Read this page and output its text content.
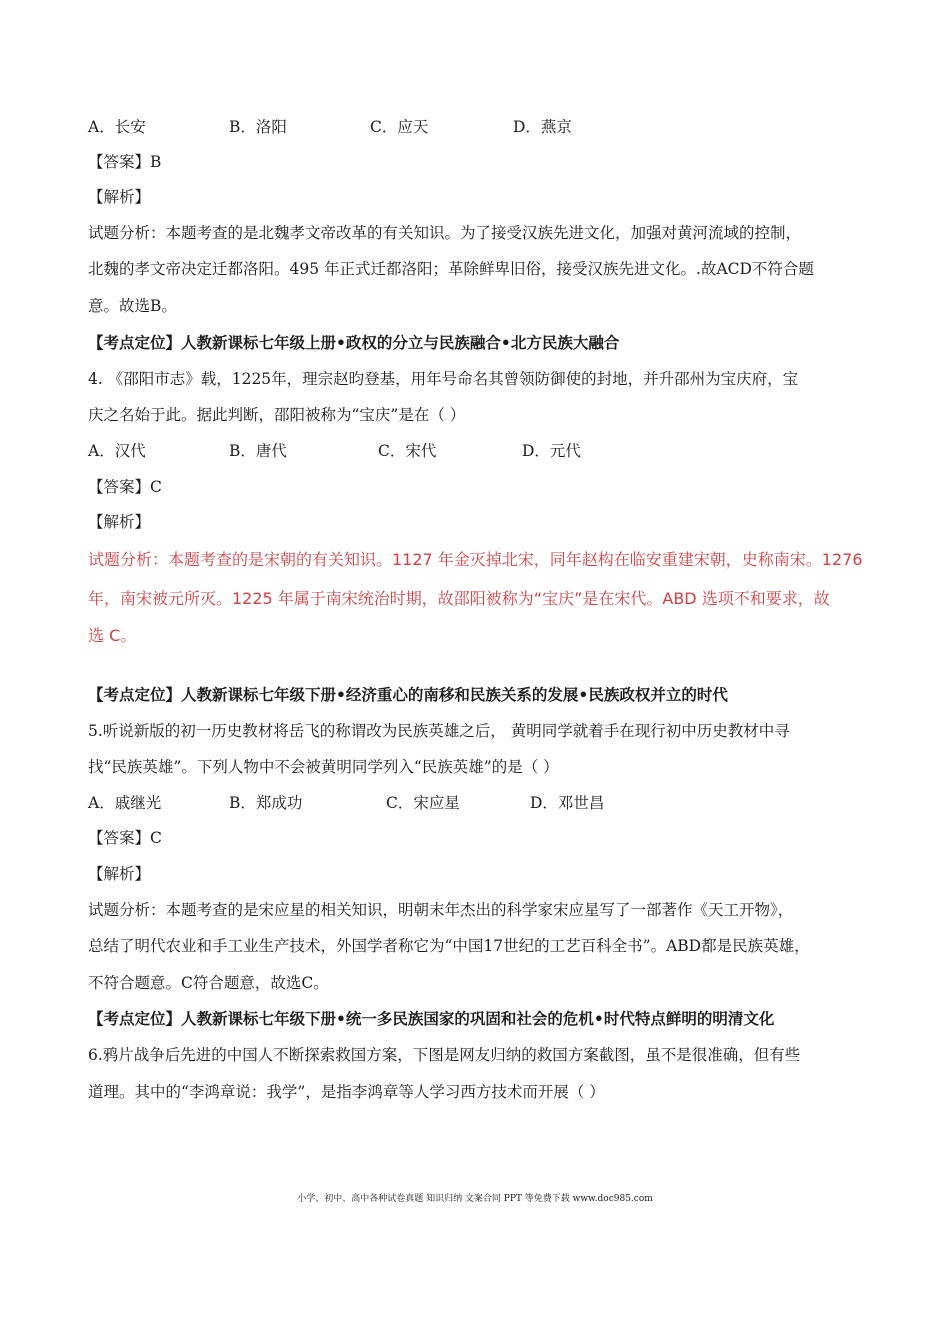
A．长安	B．洛阳	C．应天	D．燕京
【答案】B
【解析】
试题分析：本题考查的是北魏孝文帝改革的有关知识。为了接受汉族先进文化，加强对黄河流域的控制，
北魏的孝文帝决定迁都洛阳。495 年正式迁都洛阳；革除鲜卑旧俗，接受汉族先进文化。.故ACD不符合题
意。故选B。
【考点定位】人教新课标七年级上册•政权的分立与民族融合•北方民族大融合
4. 《邵阳市志》载，1225年，理宗赵昀登基，用年号命名其曾领防御使的封地，并升邵州为宝庆府，宝
庆之名始于此。据此判断，邵阳被称为“宝庆”是在（ ）
A．汉代	B．唐代	C．宋代	D．元代
【答案】C
【解析】
试题分析：本题考查的是宋朝的有关知识。1127 年金灭掉北宋，同年赵构在临安重建宋朝，史称南宋。1276
年，南宋被元所灭。1225 年属于南宋统治时期，故邵阳被称为“宝庆”是在宋代。ABD 选项不和要求，故
选 C。
【考点定位】人教新课标七年级下册•经济重心的南移和民族关系的发展•民族政权并立的时代
5.听说新版的初一历史教材将岳飞的称谓改为民族英雄之后， 黄明同学就着手在现行初中历史教材中寻
找“民族英雄”。下列人物中不会被黄明同学列入“民族英雄”的是（ ）
A．戚继光	B．郑成功	C．宋应星	D．邓世昌
【答案】C
【解析】
试题分析：本题考查的是宋应星的相关知识，明朝末年杰出的科学家宋应星写了一部著作《天工开物》，
总结了明代农业和手工业生产技术，外国学者称它为“中国17世纪的工艺百科全书”。ABD都是民族英雄，
不符合题意。C符合题意，故选C。
【考点定位】人教新课标七年级下册•统一多民族国家的巩固和社会的危机•时代特点鲜明的明清文化
6.鸦片战争后先进的中国人不断探索救国方案，下图是网友归纳的救国方案截图，虽不是很准确，但有些
道理。其中的“李鸿章说：我学”，是指李鸿章等人学习西方技术而开展（ ）
小学、初中、高中各种试卷真题 知识归纳 文案合同 PPT 等免费下载 www.doc985.com
